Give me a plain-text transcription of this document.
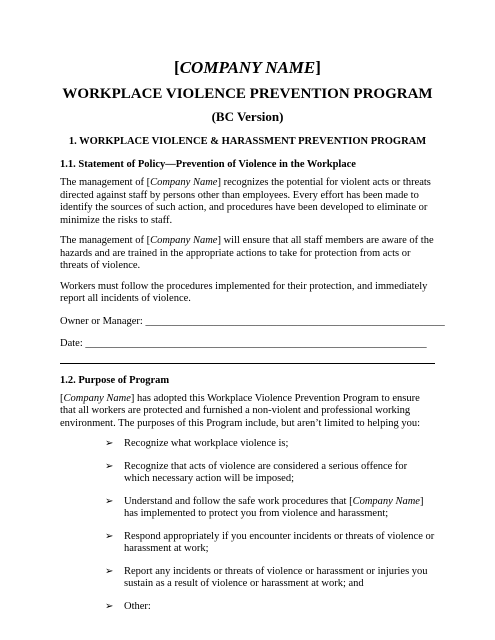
[COMPANY NAME]
WORKPLACE VIOLENCE PREVENTION PROGRAM
(BC Version)
1. WORKPLACE VIOLENCE & HARASSMENT PREVENTION PROGRAM
1.1. Statement of Policy—Prevention of Violence in the Workplace

The management of [Company Name] recognizes the potential for violent acts or threats directed against staff by persons other than employees. Every effort has been made to identify the sources of such action, and procedures have been developed to eliminate or minimize the risks to staff.

The management of [Company Name] will ensure that all staff members are aware of the hazards and are trained in the appropriate actions to take for protection from acts or threats of violence.

Workers must follow the procedures implemented for their protection, and immediately report all incidents of violence.

Owner or Manager: _________________________________________________________
Date: _________________________________________________________________
1.2. Purpose of Program

[Company Name] has adopted this Workplace Violence Prevention Program to ensure that all workers are protected and furnished a non-violent and professional working environment. The purposes of this Program include, but aren’t limited to helping you:

➢ Recognize what workplace violence is;
➢ Recognize that acts of violence are considered a serious offence for which necessary action will be imposed;
➢ Understand and follow the safe work procedures that [Company Name] has implemented to protect you from violence and harassment;
➢ Respond appropriately if you encounter incidents or threats of violence or harassment at work;
➢ Report any incidents or threats of violence or harassment or injuries you sustain as a result of violence or harassment at work; and
➢ Other:
